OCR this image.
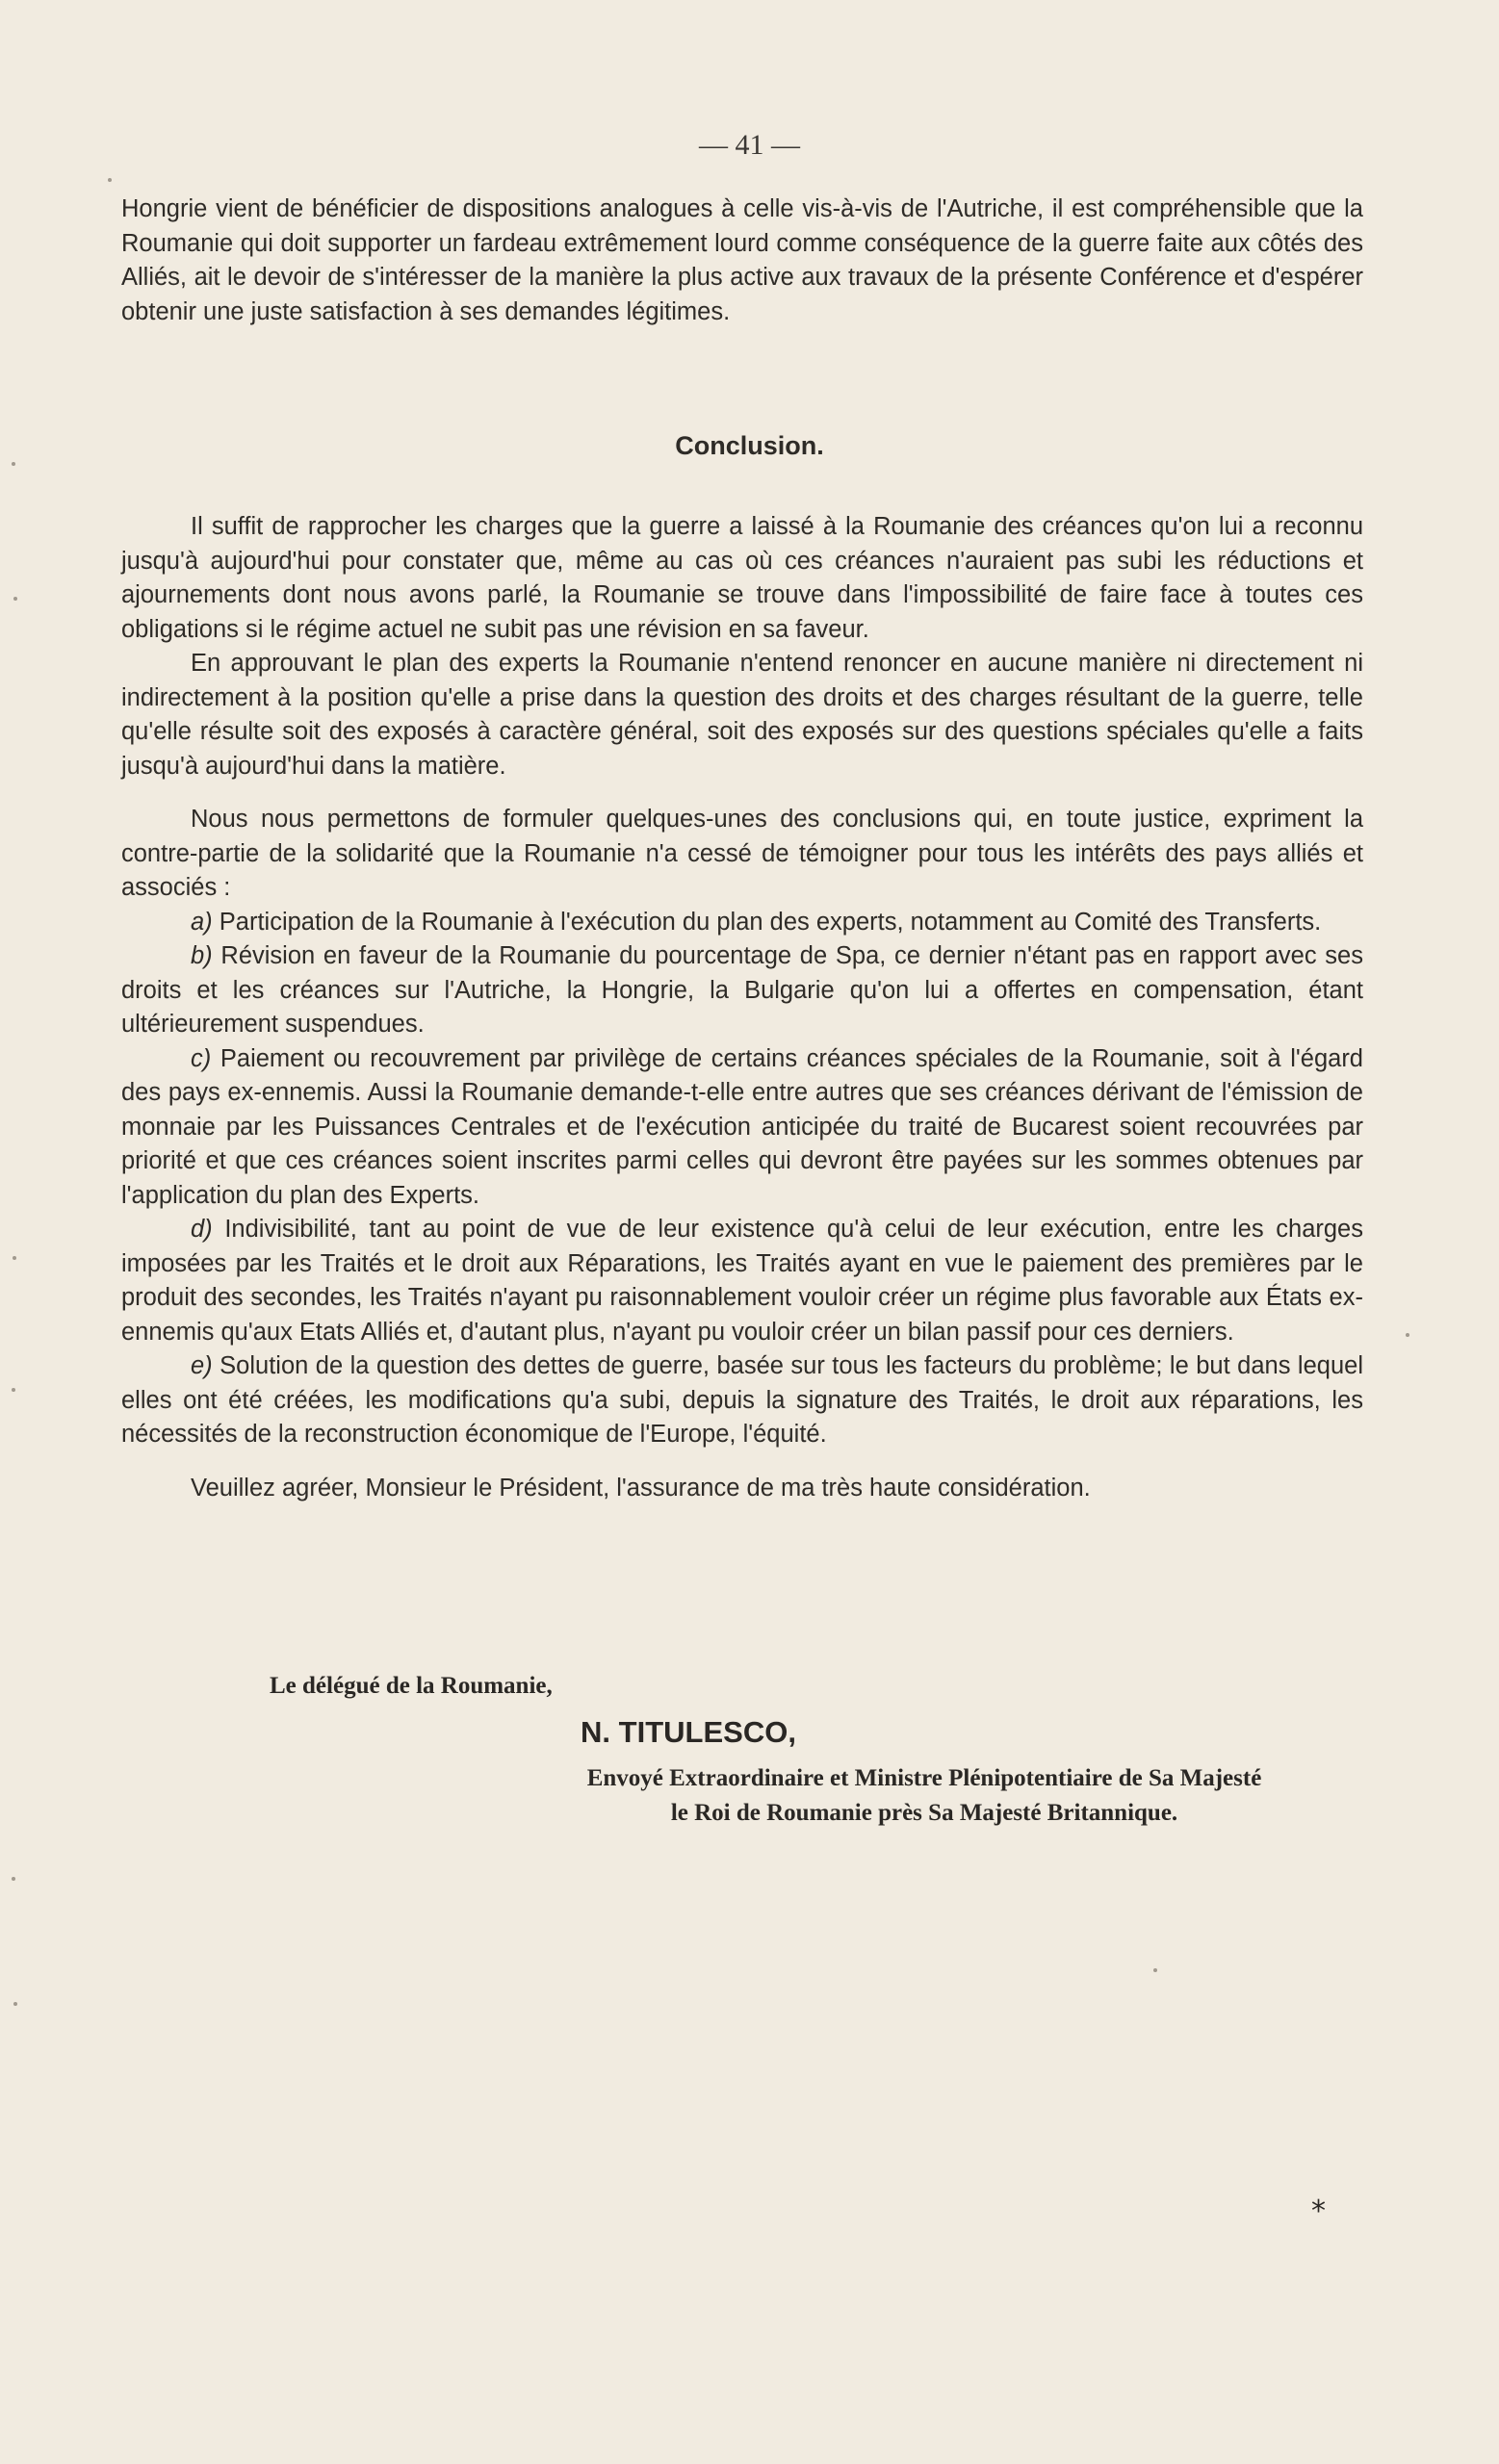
— 41 —
Hongrie vient de bénéficier de dispositions analogues à celle vis-à-vis de l'Autriche, il est compréhensible que la Roumanie qui doit supporter un fardeau extrêmement lourd comme conséquence de la guerre faite aux côtés des Alliés, ait le devoir de s'intéresser de la manière la plus active aux travaux de la présente Conférence et d'espérer obtenir une juste satisfaction à ses demandes légitimes.
Conclusion.

Il suffit de rapprocher les charges que la guerre a laissé à la Roumanie des créances qu'on lui a reconnu jusqu'à aujourd'hui pour constater que, même au cas où ces créances n'auraient pas subi les réductions et ajournements dont nous avons parlé, la Roumanie se trouve dans l'impossibilité de faire face à toutes ces obligations si le régime actuel ne subit pas une révision en sa faveur.

En approuvant le plan des experts la Roumanie n'entend renoncer en aucune manière ni directement ni indirectement à la position qu'elle a prise dans la question des droits et des charges résultant de la guerre, telle qu'elle résulte soit des exposés à caractère général, soit des exposés sur des questions spéciales qu'elle a faits jusqu'à aujourd'hui dans la matière.

Nous nous permettons de formuler quelques-unes des conclusions qui, en toute justice, expriment la contre-partie de la solidarité que la Roumanie n'a cessé de témoigner pour tous les intérêts des pays alliés et associés :

a) Participation de la Roumanie à l'exécution du plan des experts, notamment au Comité des Transferts.

b) Révision en faveur de la Roumanie du pourcentage de Spa, ce dernier n'étant pas en rapport avec ses droits et les créances sur l'Autriche, la Hongrie, la Bulgarie qu'on lui a offertes en compensation, étant ultérieurement suspendues.

c) Paiement ou recouvrement par privilège de certains créances spéciales de la Roumanie, soit à l'égard des pays ex-ennemis. Aussi la Roumanie demande-t-elle entre autres que ses créances dérivant de l'émission de monnaie par les Puissances Centrales et de l'exécution anticipée du traité de Bucarest soient recouvrées par priorité et que ces créances soient inscrites parmi celles qui devront être payées sur les sommes obtenues par l'application du plan des Experts.

d) Indivisibilité, tant au point de vue de leur existence qu'à celui de leur exécution, entre les charges imposées par les Traités et le droit aux Réparations, les Traités ayant en vue le paiement des premières par le produit des secondes, les Traités n'ayant pu raisonnablement vouloir créer un régime plus favorable aux États ex-ennemis qu'aux Etats Alliés et, d'autant plus, n'ayant pu vouloir créer un bilan passif pour ces derniers.

e) Solution de la question des dettes de guerre, basée sur tous les facteurs du problème; le but dans lequel elles ont été créées, les modifications qu'a subi, depuis la signature des Traités, le droit aux réparations, les nécessités de la reconstruction économique de l'Europe, l'équité.

Veuillez agréer, Monsieur le Président, l'assurance de ma très haute considération.

Le délégué de la Roumanie,
N. TITULESCO,
Envoyé Extraordinaire et Ministre Plénipotentiaire de Sa Majesté
le Roi de Roumanie près Sa Majesté Britannique.
*
